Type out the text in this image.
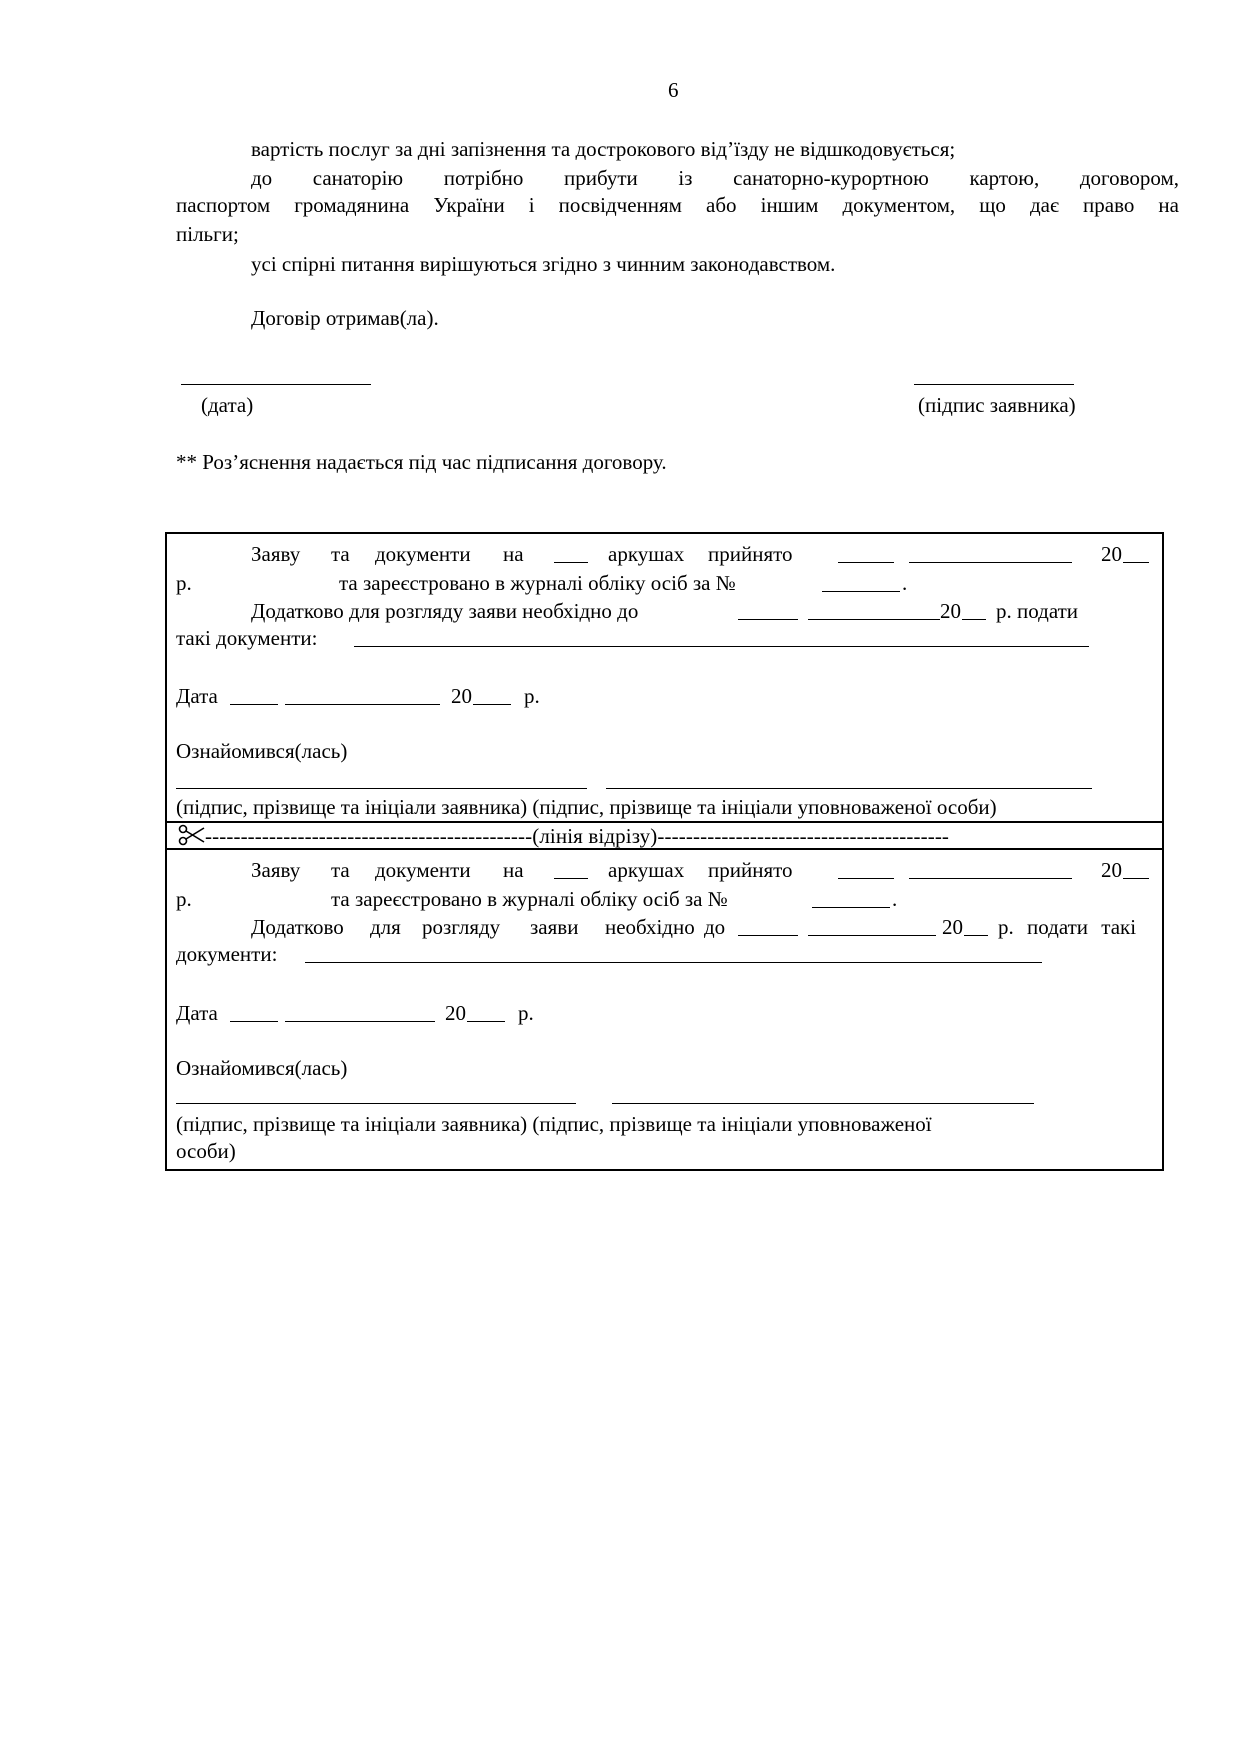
6
вартість послуг за дні запізнення та дострокового від’їзду не відшкодовується;
до санаторію потрібно прибути із санаторно-курортною картою, договором,
паспортом громадянина України і посвідченням або іншим документом, що дає право на
пільги;
усі спірні питання вирішуються згідно з чинним законодавством.
Договір отримав(ла).
(дата)	(підпис заявника)
** Роз’яснення надається під час підписання договору.
Заяву та документи на	аркушах прийнято	20
р.	та зареєстровано в журналі обліку осіб за №	.
Додатково для розгляду заяви необхідно до	20 р. подати
такі документи:
Дата	20 р.
Ознайомився(лась)
(підпис, прізвище та ініціали заявника) (підпис, прізвище та ініціали уповноваженої особи)
----------------------------------------------(лінія відрізу)-----------------------------------------
Заяву та документи на	аркушах прийнято	20
р.	та зареєстровано в журналі обліку осіб за №	.
Додатково для розгляду заяви необхідно до	20 р. подати такі
документи:
Дата	20 р.
Ознайомився(лась)
(підпис, прізвище та ініціали заявника) (підпис, прізвище та ініціали уповноваженої
особи)
